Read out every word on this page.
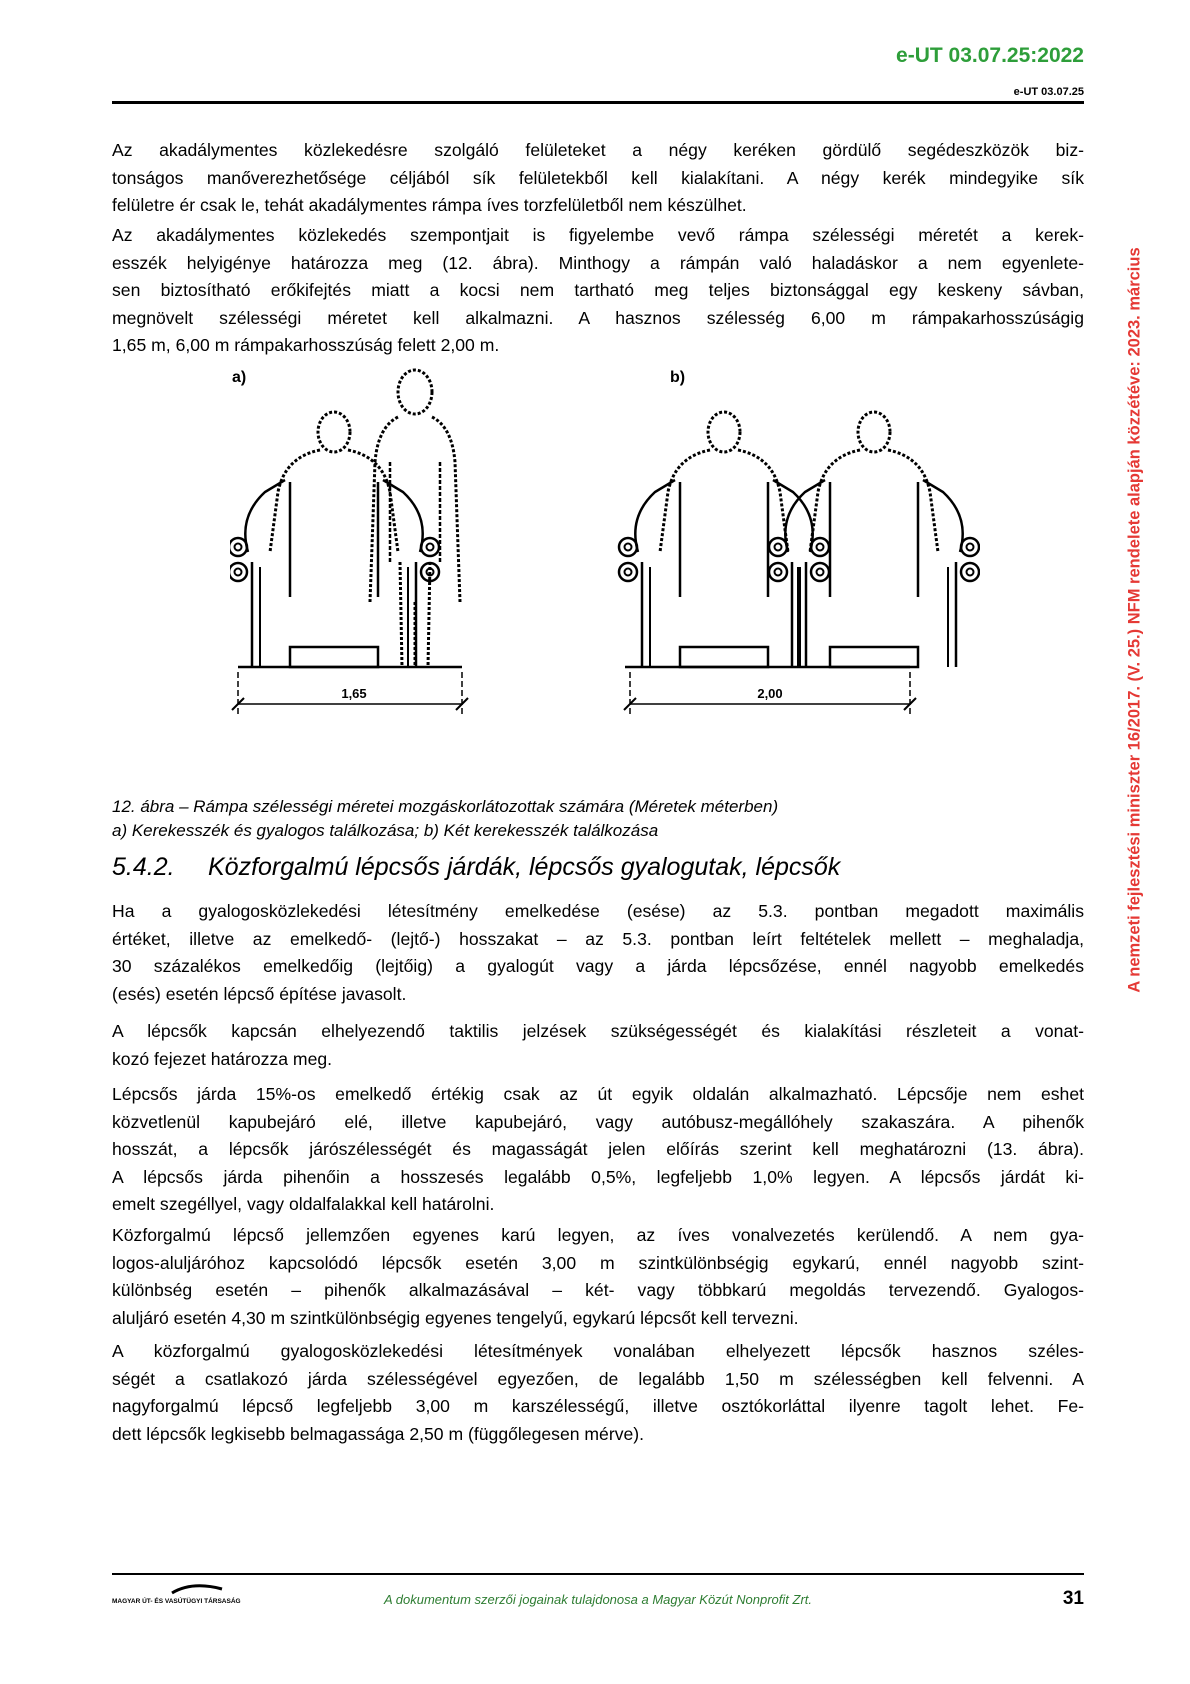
e-UT 03.07.25:2022
e-UT 03.07.25
A nemzeti fejlesztési miniszter 16/2017. (V. 25.) NFM rendelete alapján közzétéve: 2023. március
Az akadálymentes közlekedésre szolgáló felületeket a négy keréken gördülő segédeszközök biz-
tonságos manőverezhetősége céljából sík felületekből kell kialakítani. A négy kerék mindegyike sík
felületre ér csak le, tehát akadálymentes rámpa íves torzfelületből nem készülhet.
Az akadálymentes közlekedés szempontjait is figyelembe vevő rámpa szélességi méretét a kerek-
esszék helyigénye határozza meg (12. ábra). Minthogy a rámpán való haladáskor a nem egyenlete-
sen biztosítható erőkifejtés miatt a kocsi nem tartható meg teljes biztonsággal egy keskeny sávban,
megnövelt szélességi méretet kell alkalmazni. A hasznos szélesség 6,00 m rámpakarhosszúságig
1,65 m, 6,00 m rámpakarhosszúság felett 2,00 m.
a)	b)
1,65	2,00
12. ábra – Rámpa szélességi méretei mozgáskorlátozottak számára (Méretek méterben)
a) Kerekesszék és gyalogos találkozása; b) Két kerekesszék találkozása
5.4.2. Közforgalmú lépcsős járdák, lépcsős gyalogutak, lépcsők
Ha a gyalogosközlekedési létesítmény emelkedése (esése) az 5.3. pontban megadott maximális
értéket, illetve az emelkedő- (lejtő-) hosszakat – az 5.3. pontban leírt feltételek mellett – meghaladja,
30 százalékos emelkedőig (lejtőig) a gyalogút vagy a járda lépcsőzése, ennél nagyobb emelkedés
(esés) esetén lépcső építése javasolt.
A lépcsők kapcsán elhelyezendő taktilis jelzések szükségességét és kialakítási részleteit a vonat-
kozó fejezet határozza meg.
Lépcsős járda 15%-os emelkedő értékig csak az út egyik oldalán alkalmazható. Lépcsője nem eshet
közvetlenül kapubejáró elé, illetve kapubejáró, vagy autóbusz-megállóhely szakaszára. A pihenők
hosszát, a lépcsők járószélességét és magasságát jelen előírás szerint kell meghatározni (13. ábra).
A lépcsős járda pihenőin a hosszesés legalább 0,5%, legfeljebb 1,0% legyen. A lépcsős járdát ki-
emelt szegéllyel, vagy oldalfalakkal kell határolni.
Közforgalmú lépcső jellemzően egyenes karú legyen, az íves vonalvezetés kerülendő. A nem gya-
logos-aluljáróhoz kapcsolódó lépcsők esetén 3,00 m szintkülönbségig egykarú, ennél nagyobb szint-
különbség esetén – pihenők alkalmazásával – két- vagy többkarú megoldás tervezendő. Gyalogos-
aluljáró esetén 4,30 m szintkülönbségig egyenes tengelyű, egykarú lépcsőt kell tervezni.
A közforgalmú gyalogosközlekedési létesítmények vonalában elhelyezett lépcsők hasznos széles-
ségét a csatlakozó járda szélességével egyezően, de legalább 1,50 m szélességben kell felvenni. A
nagyforgalmú lépcső legfeljebb 3,00 m karszélességű, illetve osztókorláttal ilyenre tagolt lehet. Fe-
dett lépcsők legkisebb belmagassága 2,50 m (függőlegesen mérve).
MAGYAR ÚT- ÉS VASÚTÜGYI TÁRSASÁG	A dokumentum szerzői jogainak tulajdonosa a Magyar Közút Nonprofit Zrt.	31
